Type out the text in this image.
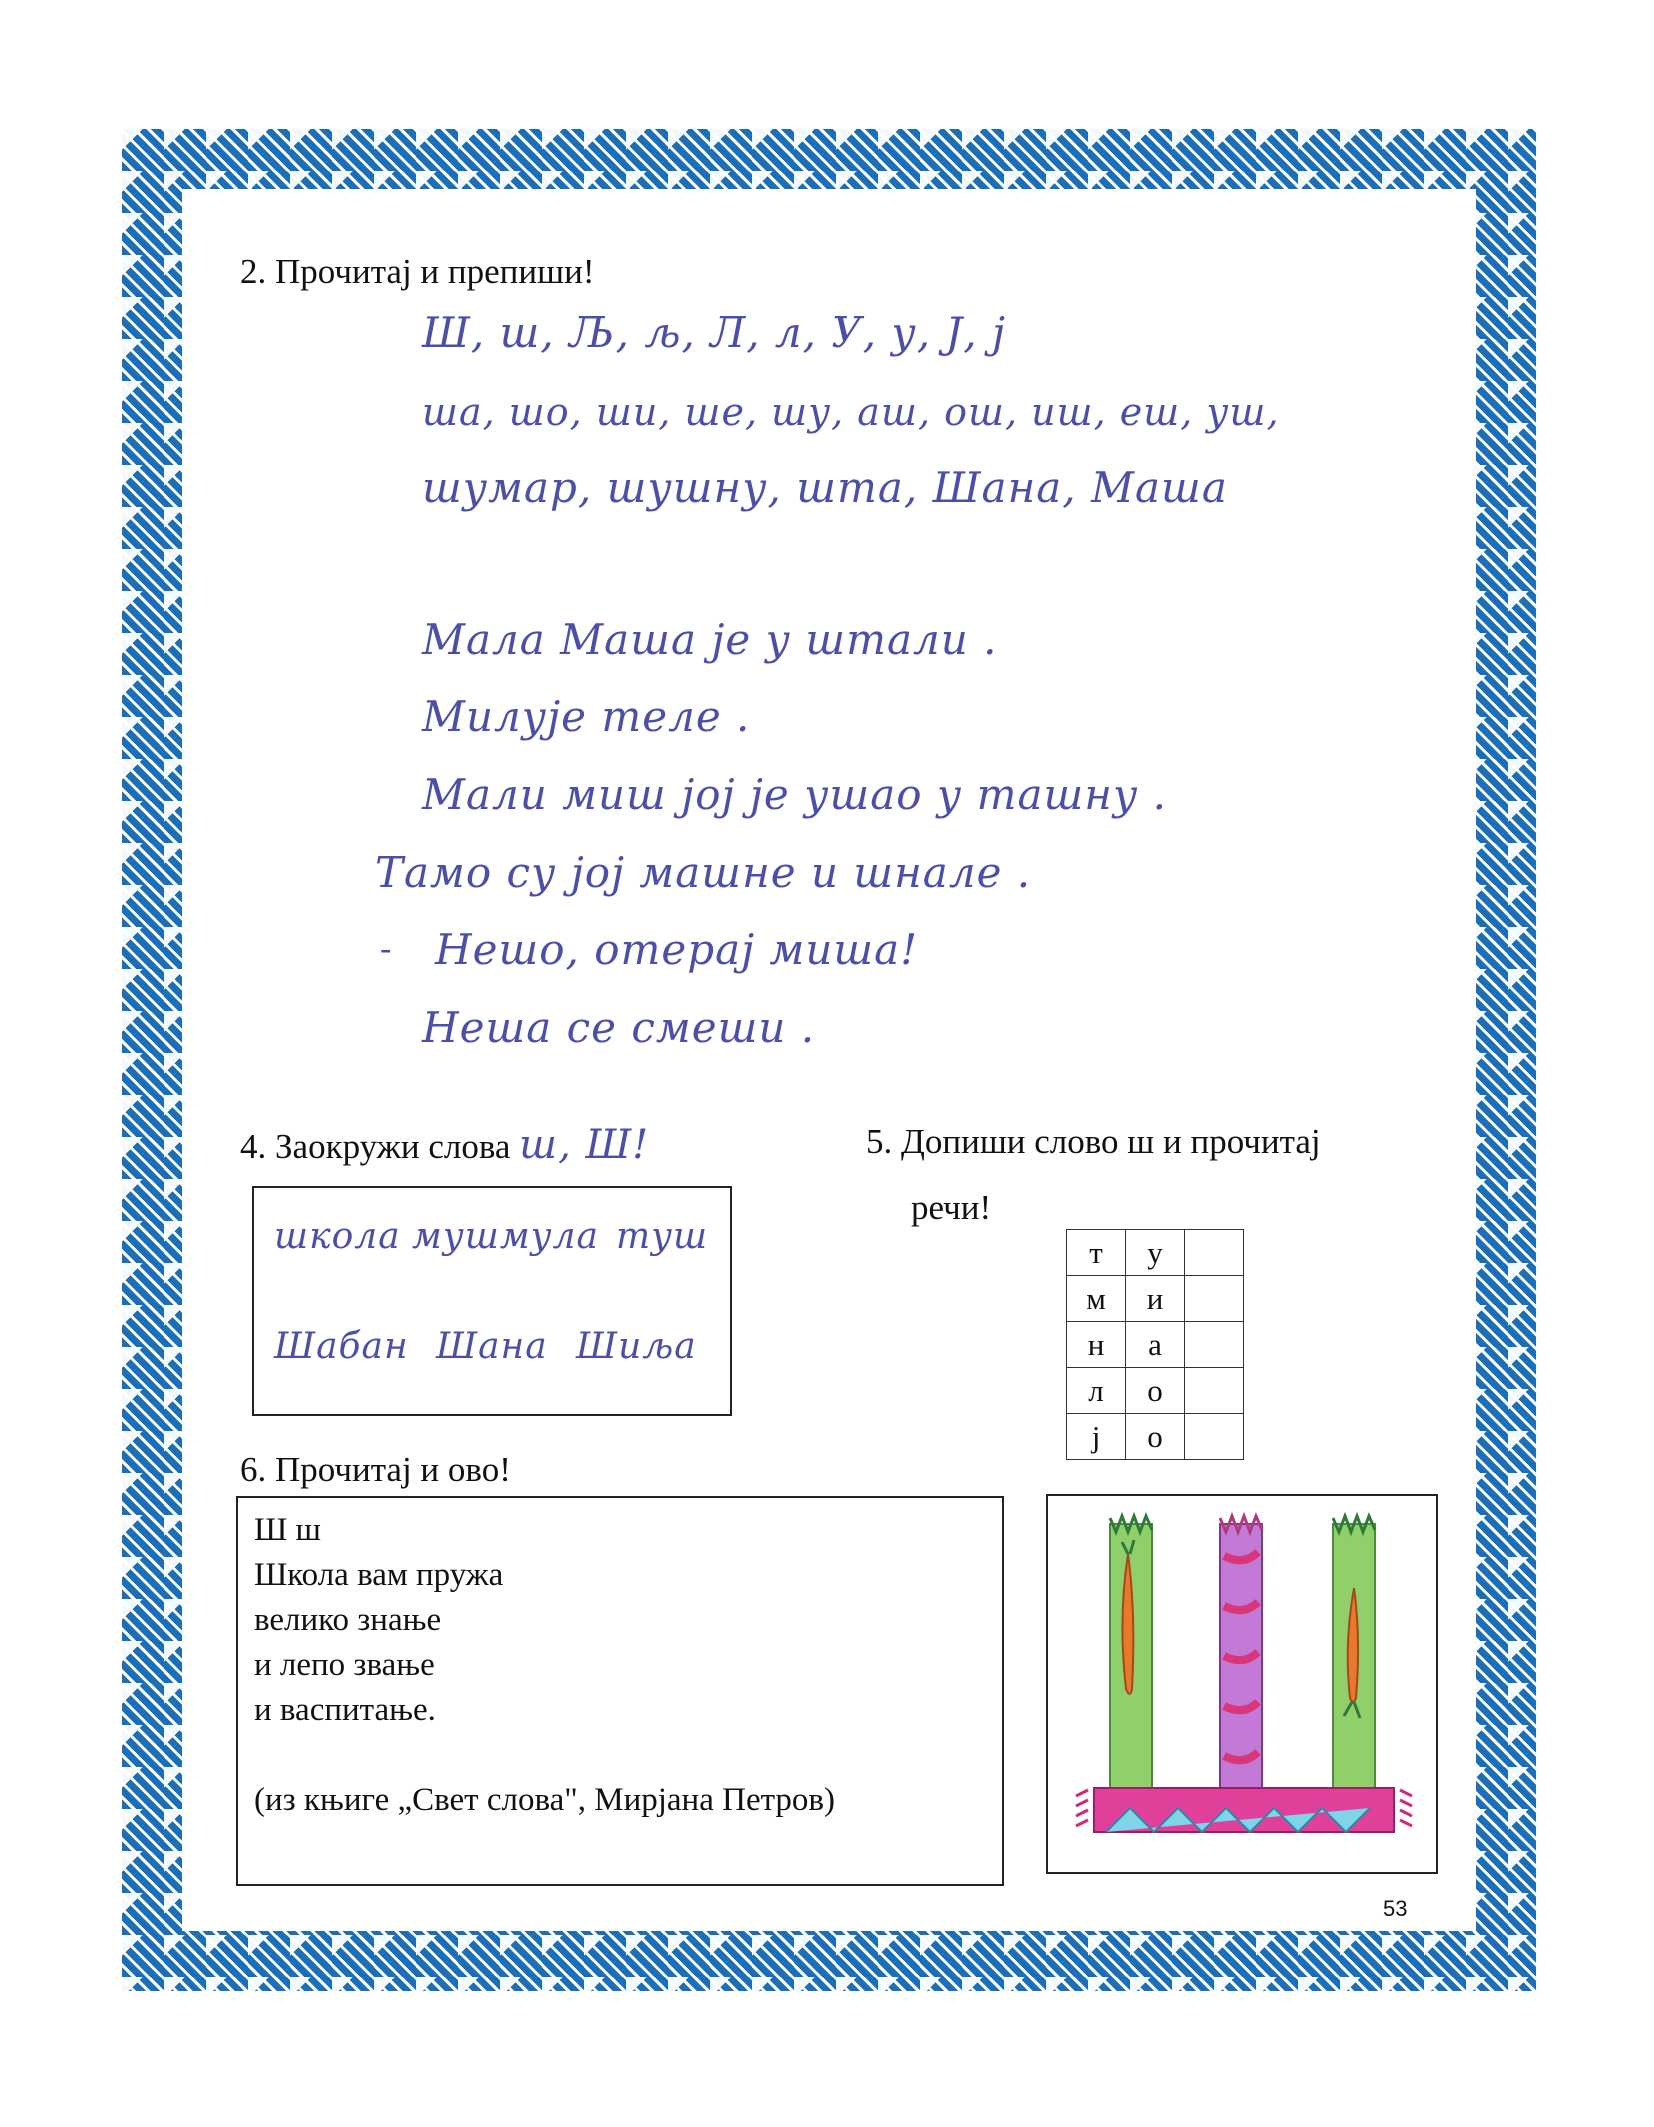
2. Прочитај и препиши!
Ш, ш, Љ, љ, Л, л, У, у, Ј, ј
ша, шо, ши, ше, шу, аш, ош, иш, еш, уш,
шумар, шушну, шта, Шана, Маша
Мала Маша је у штали .
Милује теле .
Мали миш јој је ушао у ташну .
Тамо су јој машне и шнале .
- Нешо, отерај миша!
Неша се смеши .
4. Заокружи слова ш, Ш!
школа мушмула туш
Шабан Шана Шиља
5. Допиши слово ш и прочитај
речи!
т	у	
м	и	
н	а	
л	о	
ј	о	
6. Прочитај и ово!
Ш ш
Школа вам пружа
велико знање
и лепо звање
и васпитање.
(из књиге „Свет слова", Мирјана Петров)
53
